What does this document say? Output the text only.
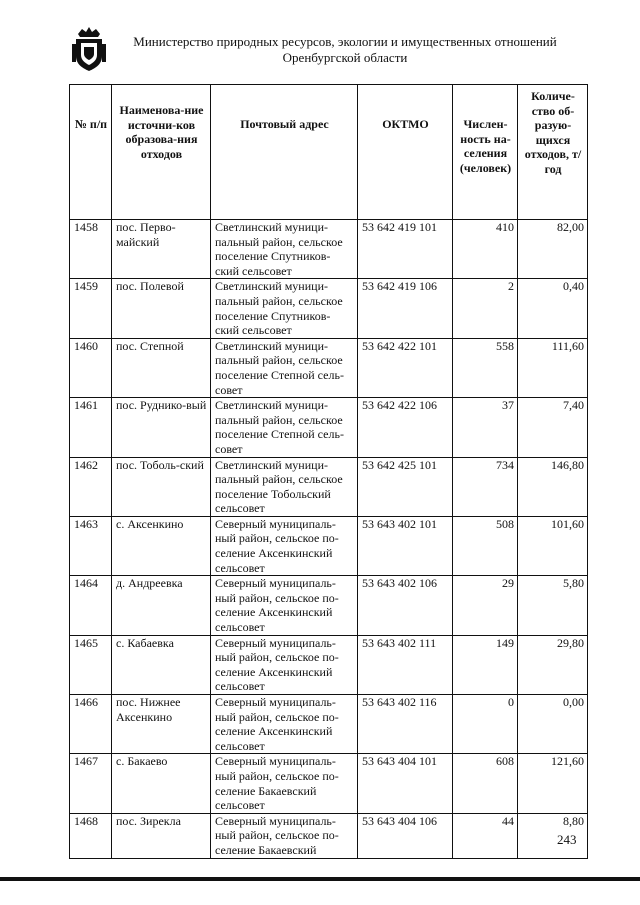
Министерство природных ресурсов, экологии и имущественных отношений
Оренбургской области
№ п/п	Наименова-ние источни-ков образова-ния отходов	Почтовый адрес	ОКТМО	Числен-ность на-селения (человек)	Количе-ство об-разую-щихся отходов, т/год
1458	пос. Перво-майский	Светлинский муници-пальный район, сельское поселение Спутников-ский сельсовет	53 642 419 101	410	82,00
1459	пос. Полевой	Светлинский муници-пальный район, сельское поселение Спутников-ский сельсовет	53 642 419 106	2	0,40
1460	пос. Степной	Светлинский муници-пальный район, сельское поселение Степной сель-совет	53 642 422 101	558	111,60
1461	пос. Руднико-вый	Светлинский муници-пальный район, сельское поселение Степной сель-совет	53 642 422 106	37	7,40
1462	пос. Тоболь-ский	Светлинский муници-пальный район, сельское поселение Тобольский сельсовет	53 642 425 101	734	146,80
1463	с. Аксенкино	Северный муниципаль-ный район, сельское по-селение Аксенкинский сельсовет	53 643 402 101	508	101,60
1464	д. Андреевка	Северный муниципаль-ный район, сельское по-селение Аксенкинский сельсовет	53 643 402 106	29	5,80
1465	с. Кабаевка	Северный муниципаль-ный район, сельское по-селение Аксенкинский сельсовет	53 643 402 111	149	29,80
1466	пос. Нижнее Аксенкино	Северный муниципаль-ный район, сельское по-селение Аксенкинский сельсовет	53 643 402 116	0	0,00
1467	с. Бакаево	Северный муниципаль-ный район, сельское по-селение Бакаевский сельсовет	53 643 404 101	608	121,60
1468	пос. Зирекла	Северный муниципаль-ный район, сельское по-селение Бакаевский	53 643 404 106	44	8,80
243
